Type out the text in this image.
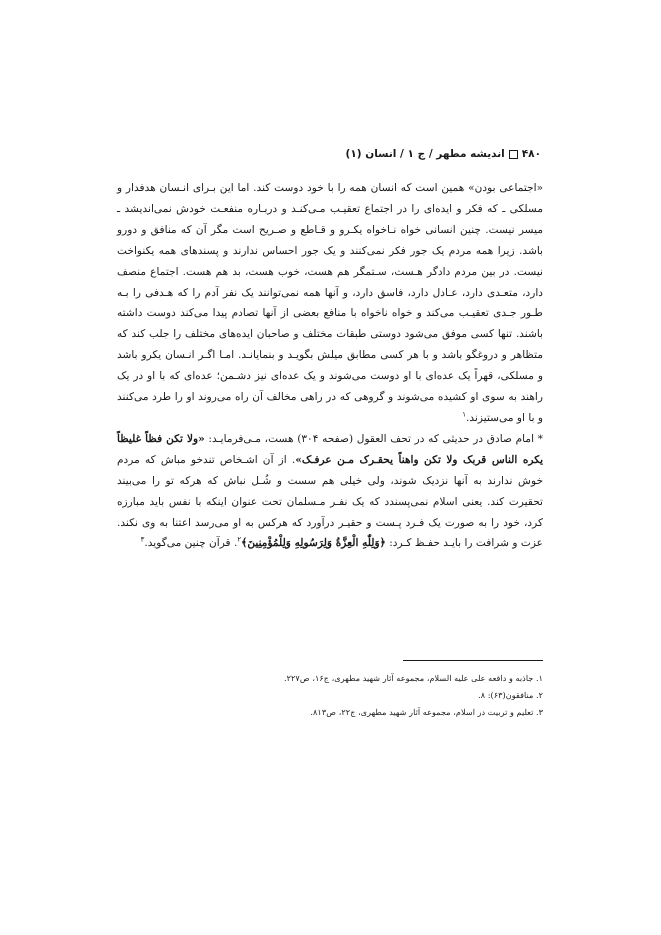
۴۸۰
اندیشه مطهر / ج ۱ / انسان (۱)

«اجتماعی بودن» همین است که انسان همه را با خود دوست کند. اما این بـرای انـسان هدفدار و مسلکی ـ که فکر و ایده‌ای را در اجتماع تعقیـب مـی‌کنـد و دربـاره منفعـت خودش نمی‌اندیشد ـ میسر نیست. چنین انسانی خواه نـاخواه یکـرو و قـاطع و صـریح است مگر آن که منافق و دورو باشد. زیرا همه مردم یک جور فکر نمی‌کنند و یک جور احساس ندارند و پسندهای همه یکنواخت نیست. در بین مردم دادگر هـست، سـتمگر هم هست، خوب هست، بد هم هست. اجتماع منصف دارد، متعـدی دارد، عـادل دارد، فاسق دارد، و آنها همه نمی‌توانند یک نفر آدم را که هـدفی را بـه طـور جـدی تعقیـب می‌کند و خواه ناخواه با منافع بعضی از آنها تصادم پیدا می‌کند دوست داشته باشند. تنها کسی موفق می‌شود دوستی طبقات مختلف و صاحبان ایده‌های مختلف را جلب کند که متظاهر و دروغگو باشد و با هر کسی مطابق میلش بگویـد و بنمایانـد. امـا اگـر انـسان یکرو باشد و مسلکی، قهراً یک عده‌ای با او دوست می‌شوند و یک عده‌ای نیز دشـمن؛ عده‌ای که با او در یک راهند به سوی او کشیده می‌شوند و گروهی که در راهی مخالف آن راه می‌روند او را طرد می‌کنند و با او می‌ستیزند.$^۱$

* امام صادق در حدیثی که در تحف العقول (صفحه ۳۰۴) هست، مـی‌فرمایـد: «ولا تکن فظاً غلیظاً یکره الناس قربک ولا تکن واهناً یحقـرک مـن عرفـک». از آن اشـخاص تندخو مباش که مردم خوش ندارند به آنها نزدیک شوند، ولی خیلی هم سست و شُـل نباش که هرکه تو را می‌بیند تحقیرت کند. یعنی اسلام نمی‌پسندد که یک نفـر مـسلمان تحت عنوان اینکه با نفس باید مبارزه کرد، خود را به صورت یک فـرد پـست و حقیـر درآورد که هرکس به او می‌رسد اعتنا به وی نکند. عزت و شرافت را بایـد حفـظ کـرد: ﴿وَلِلّٰهِ الْعِزَّةُ وَلِرَسُولِهِ وَلِلْمُؤْمِنِينَ﴾$^۲$. قرآن چنین می‌گوید.$^۳$

۱. جاذبه و دافعه علی علیه السلام، مجموعه آثار شهید مطهری، ج۱۶، ص۲۲۷.
۲. منافقون(۶۳): ۸.
۳. تعلیم و تربیت در اسلام، مجموعه آثار شهید مطهری، ج۲۲، ص۸۱۳.
